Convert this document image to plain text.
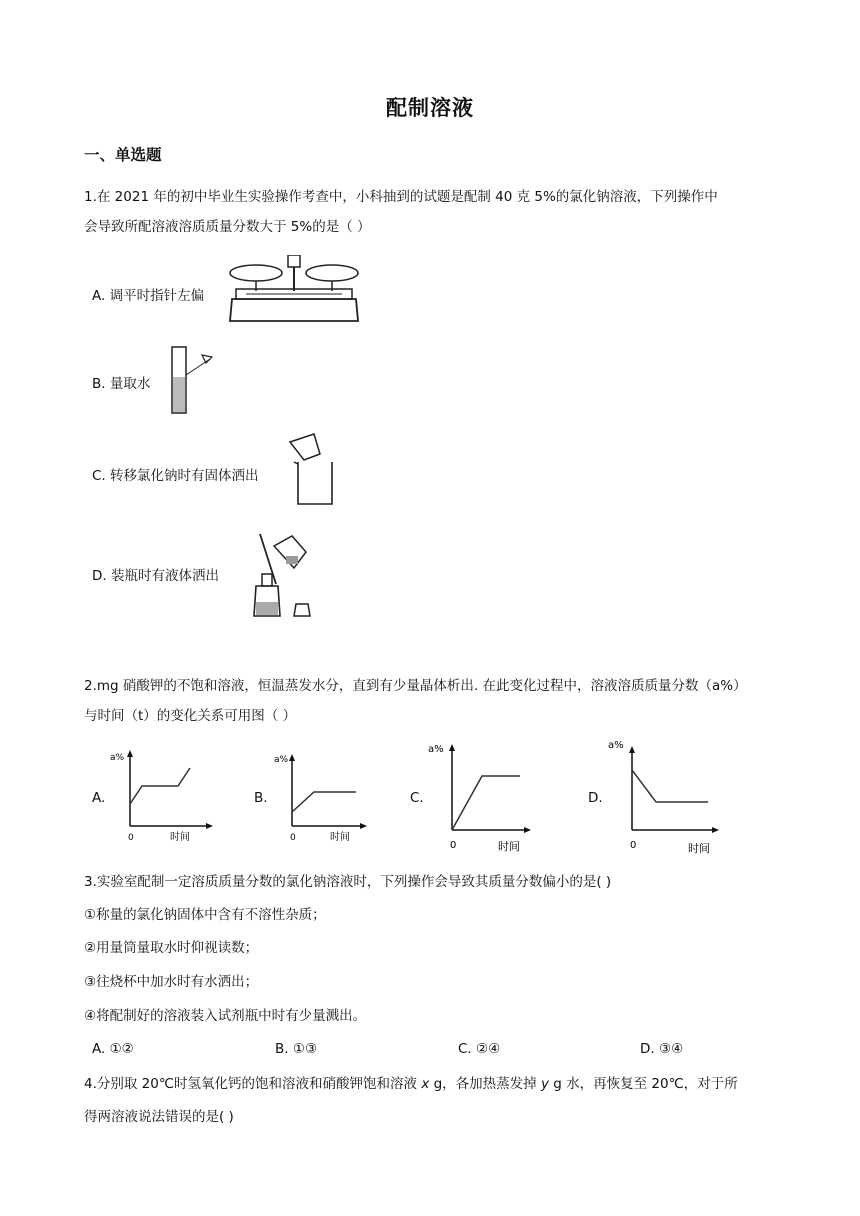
配制溶液
一、单选题
1.在 2021 年的初中毕业生实验操作考查中，小科抽到的试题是配制 40 克 5%的氯化钠溶液，下列操作中
会导致所配溶液溶质质量分数大于 5%的是（ ）
A. 调平时指针左偏
B. 量取水
C. 转移氯化钠时有固体洒出
D. 装瓶时有液体洒出
2.mg 硝酸钾的不饱和溶液，恒温蒸发水分，直到有少量晶体析出. 在此变化过程中，溶液溶质质量分数（a%）
与时间（t）的变化关系可用图（ ）
A.
a%
0	时间
B.
a%
0	时间
C.
a%
0	时间
D.
a%
0	时间
3.实验室配制一定溶质质量分数的氯化钠溶液时，下列操作会导致其质量分数偏小的是( )
①称量的氯化钠固体中含有不溶性杂质；
②用量筒量取水时仰视读数；
③往烧杯中加水时有水洒出；
④将配制好的溶液装入试剂瓶中时有少量溅出。
A. ①②	B. ①③	C. ②④	D. ③④
4.分别取 20℃时氢氧化钙的饱和溶液和硝酸钾饱和溶液 x g，各加热蒸发掉 y g 水，再恢复至 20℃，对于所
得两溶液说法错误的是( )
